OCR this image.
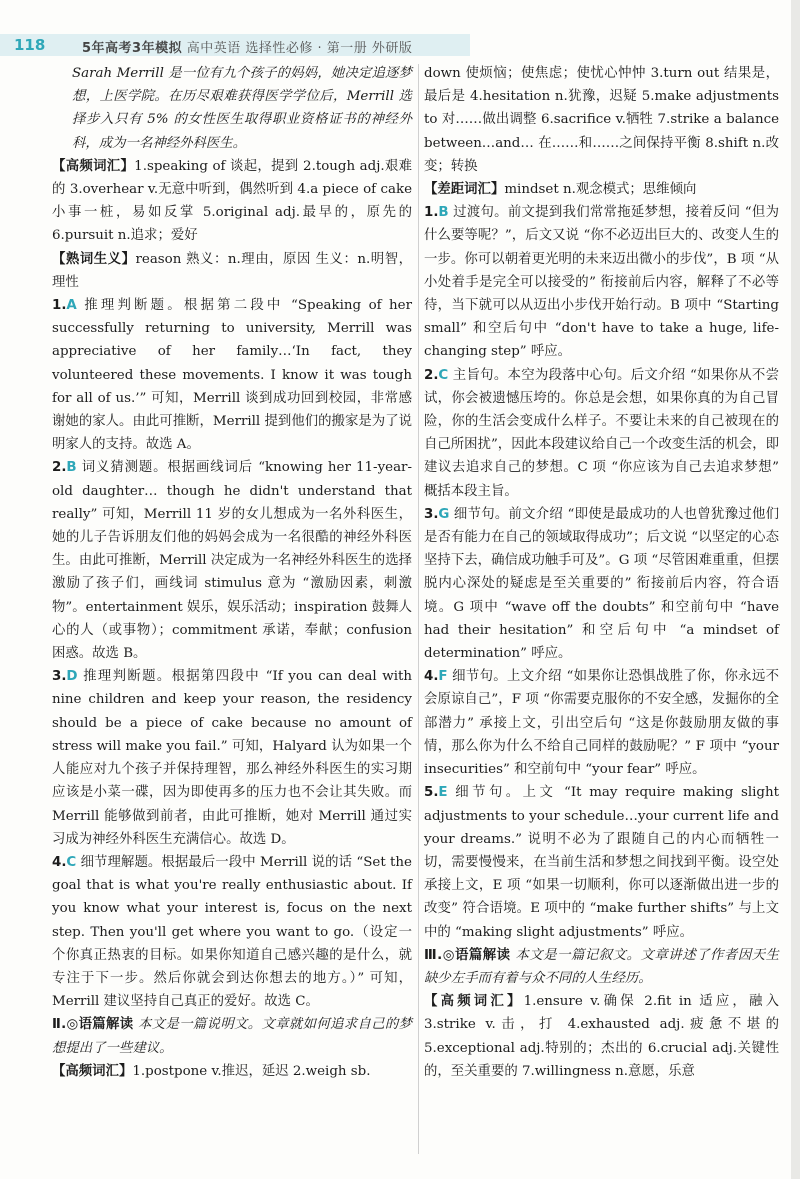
118	5年高考3年模拟 高中英语 选择性必修 · 第一册 外研版

Sarah Merrill 是一位有九个孩子的妈妈，她决定追逐梦想，上医学院。在历尽艰难获得医学学位后，Merrill 选择步入只有 5% 的女性医生取得职业资格证书的神经外科，成为一名神经外科医生。

【高频词汇】1.speaking of 谈起，提到 2.tough adj.艰难的 3.overhear v.无意中听到，偶然听到 4.a piece of cake 小事一桩，易如反掌 5.original adj.最早的，原先的 6.pursuit n.追求；爱好

【熟词生义】reason 熟义：n.理由，原因 生义：n.明智，理性

1.A 推理判断题。根据第二段中 “Speaking of her successfully returning to university, Merrill was appreciative of her family…‘In fact, they volunteered these movements. I know it was tough for all of us.’” 可知，Merrill 谈到成功回到校园，非常感谢她的家人。由此可推断，Merrill 提到他们的搬家是为了说明家人的支持。故选 A。

2.B 词义猜测题。根据画线词后 “knowing her 11-year-old daughter… though he didn't understand that really” 可知，Merrill 11 岁的女儿想成为一名外科医生，她的儿子告诉朋友们他的妈妈会成为一名很酷的神经外科医生。由此可推断，Merrill 决定成为一名神经外科医生的选择激励了孩子们，画线词 stimulus 意为 “激励因素，刺激物”。entertainment 娱乐，娱乐活动；inspiration 鼓舞人心的人（或事物）；commitment 承诺，奉献；confusion 困惑。故选 B。

3.D 推理判断题。根据第四段中 “If you can deal with nine children and keep your reason, the residency should be a piece of cake because no amount of stress will make you fail.” 可知，Halyard 认为如果一个人能应对九个孩子并保持理智，那么神经外科医生的实习期应该是小菜一碟，因为即使再多的压力也不会让其失败。而 Merrill 能够做到前者，由此可推断，她对 Merrill 通过实习成为神经外科医生充满信心。故选 D。

4.C 细节理解题。根据最后一段中 Merrill 说的话 “Set the goal that is what you're really enthusiastic about. If you know what your interest is, focus on the next step. Then you'll get where you want to go.（设定一个你真正热衷的目标。如果你知道自己感兴趣的是什么，就专注于下一步。然后你就会到达你想去的地方。）” 可知，Merrill 建议坚持自己真正的爱好。故选 C。

Ⅱ.◎语篇解读 本文是一篇说明文。文章就如何追求自己的梦想提出了一些建议。

【高频词汇】1.postpone v.推迟，延迟 2.weigh sb.

down 使烦恼；使焦虑；使忧心忡忡 3.turn out 结果是，最后是 4.hesitation n.犹豫，迟疑 5.make adjustments to 对……做出调整 6.sacrifice v.牺牲 7.strike a balance between…and… 在……和……之间保持平衡 8.shift n.改变；转换

【差距词汇】mindset n.观念模式；思维倾向

1.B 过渡句。前文提到我们常常拖延梦想，接着反问 “但为什么要等呢？”，后文又说 “你不必迈出巨大的、改变人生的一步。你可以朝着更光明的未来迈出微小的步伐”，B 项 “从小处着手是完全可以接受的” 衔接前后内容，解释了不必等待，当下就可以从迈出小步伐开始行动。B 项中 “Starting small” 和空后句中 “don't have to take a huge, life-changing step” 呼应。

2.C 主旨句。本空为段落中心句。后文介绍 “如果你从不尝试，你会被遗憾压垮的。你总是会想，如果你真的为自己冒险，你的生活会变成什么样子。不要让未来的自己被现在的自己所困扰”，因此本段建议给自己一个改变生活的机会，即建议去追求自己的梦想。C 项 “你应该为自己去追求梦想” 概括本段主旨。

3.G 细节句。前文介绍 “即使是最成功的人也曾犹豫过他们是否有能力在自己的领域取得成功”；后文说 “以坚定的心态坚持下去，确信成功触手可及”。G 项 “尽管困难重重，但摆脱内心深处的疑虑是至关重要的” 衔接前后内容，符合语境。G 项中 “wave off the doubts” 和空前句中 “have had their hesitation” 和空后句中 “a mindset of determination” 呼应。

4.F 细节句。上文介绍 “如果你让恐惧战胜了你，你永远不会原谅自己”，F 项 “你需要克服你的不安全感，发掘你的全部潜力” 承接上文，引出空后句 “这是你鼓励朋友做的事情，那么你为什么不给自己同样的鼓励呢？” F 项中 “your insecurities” 和空前句中 “your fear” 呼应。

5.E 细节句。上文 “It may require making slight adjustments to your schedule…your current life and your dreams.” 说明不必为了跟随自己的内心而牺牲一切，需要慢慢来，在当前生活和梦想之间找到平衡。设空处承接上文，E 项 “如果一切顺利，你可以逐渐做出进一步的改变” 符合语境。E 项中的 “make further shifts” 与上文中的 “making slight adjustments” 呼应。

Ⅲ.◎语篇解读 本文是一篇记叙文。文章讲述了作者因天生缺少左手而有着与众不同的人生经历。

【高频词汇】1.ensure v.确保 2.fit in 适应，融入 3.strike v.击，打 4.exhausted adj.疲惫不堪的 5.exceptional adj.特别的；杰出的 6.crucial adj.关键性的，至关重要的 7.willingness n.意愿，乐意
